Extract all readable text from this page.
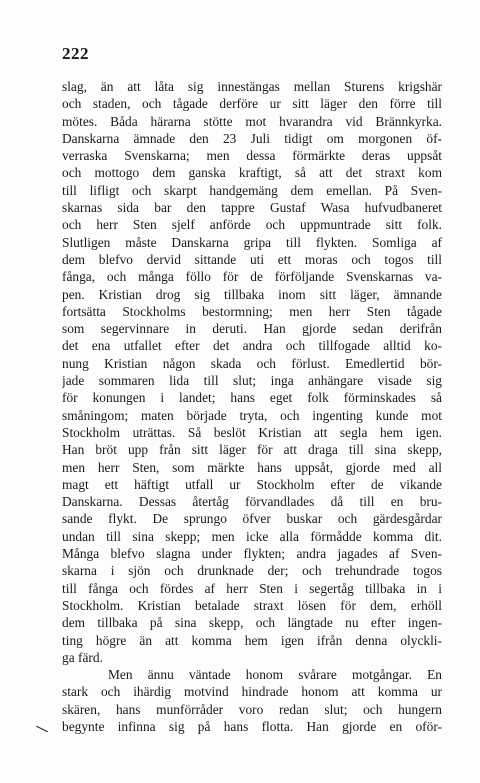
222
slag, än att låta sig innestängas mellan Sturens krigshär
och staden, och tågade derföre ur sitt läger den förre till
mötes. Båda härarna stötte mot hvarandra vid Brännkyrka.
Danskarna ämnade den 23 Juli tidigt om morgonen öf-
verraska Svenskarna; men dessa förmärkte deras uppsåt
och mottogo dem ganska kraftigt, så att det straxt kom
till lifligt och skarpt handgemäng dem emellan. På Sven-
skarnas sida bar den tappre Gustaf Wasa hufvudbaneret
och herr Sten sjelf anförde och uppmuntrade sitt folk.
Slutligen måste Danskarna gripa till flykten. Somliga af
dem blefvo dervid sittande uti ett moras och togos till
fånga, och många föllo för de förföljande Svenskarnas va-
pen. Kristian drog sig tillbaka inom sitt läger, ämnande
fortsätta Stockholms bestormning; men herr Sten tågade
som segervinnare in deruti. Han gjorde sedan derifrån
det ena utfallet efter det andra och tillfogade alltid ko-
nung Kristian någon skada och förlust. Emedlertid bör-
jade sommaren lida till slut; inga anhängare visade sig
för konungen i landet; hans eget folk förminskades så
småningom; maten började tryta, och ingenting kunde mot
Stockholm uträttas. Så beslöt Kristian att segla hem igen.
Han bröt upp från sitt läger för att draga till sina skepp,
men herr Sten, som märkte hans uppsåt, gjorde med all
magt ett häftigt utfall ur Stockholm efter de vikande
Danskarna. Dessas återtåg förvandlades då till en bru-
sande flykt. De sprungo öfver buskar och gärdesgårdar
undan till sina skepp; men icke alla förmådde komma dit.
Många blefvo slagna under flykten; andra jagades af Sven-
skarna i sjön och drunknade der; och trehundrade togos
till fånga och fördes af herr Sten i segertåg tillbaka in i
Stockholm. Kristian betalade straxt lösen för dem, erhöll
dem tillbaka på sina skepp, och längtade nu efter ingen-
ting högre än att komma hem igen ifrån denna olyckli-
ga färd.
Men ännu väntade honom svårare motgångar. En
stark och ihärdig motvind hindrade honom att komma ur
skären, hans munförråder voro redan slut; och hungern
begynte infinna sig på hans flotta. Han gjorde en oför-
